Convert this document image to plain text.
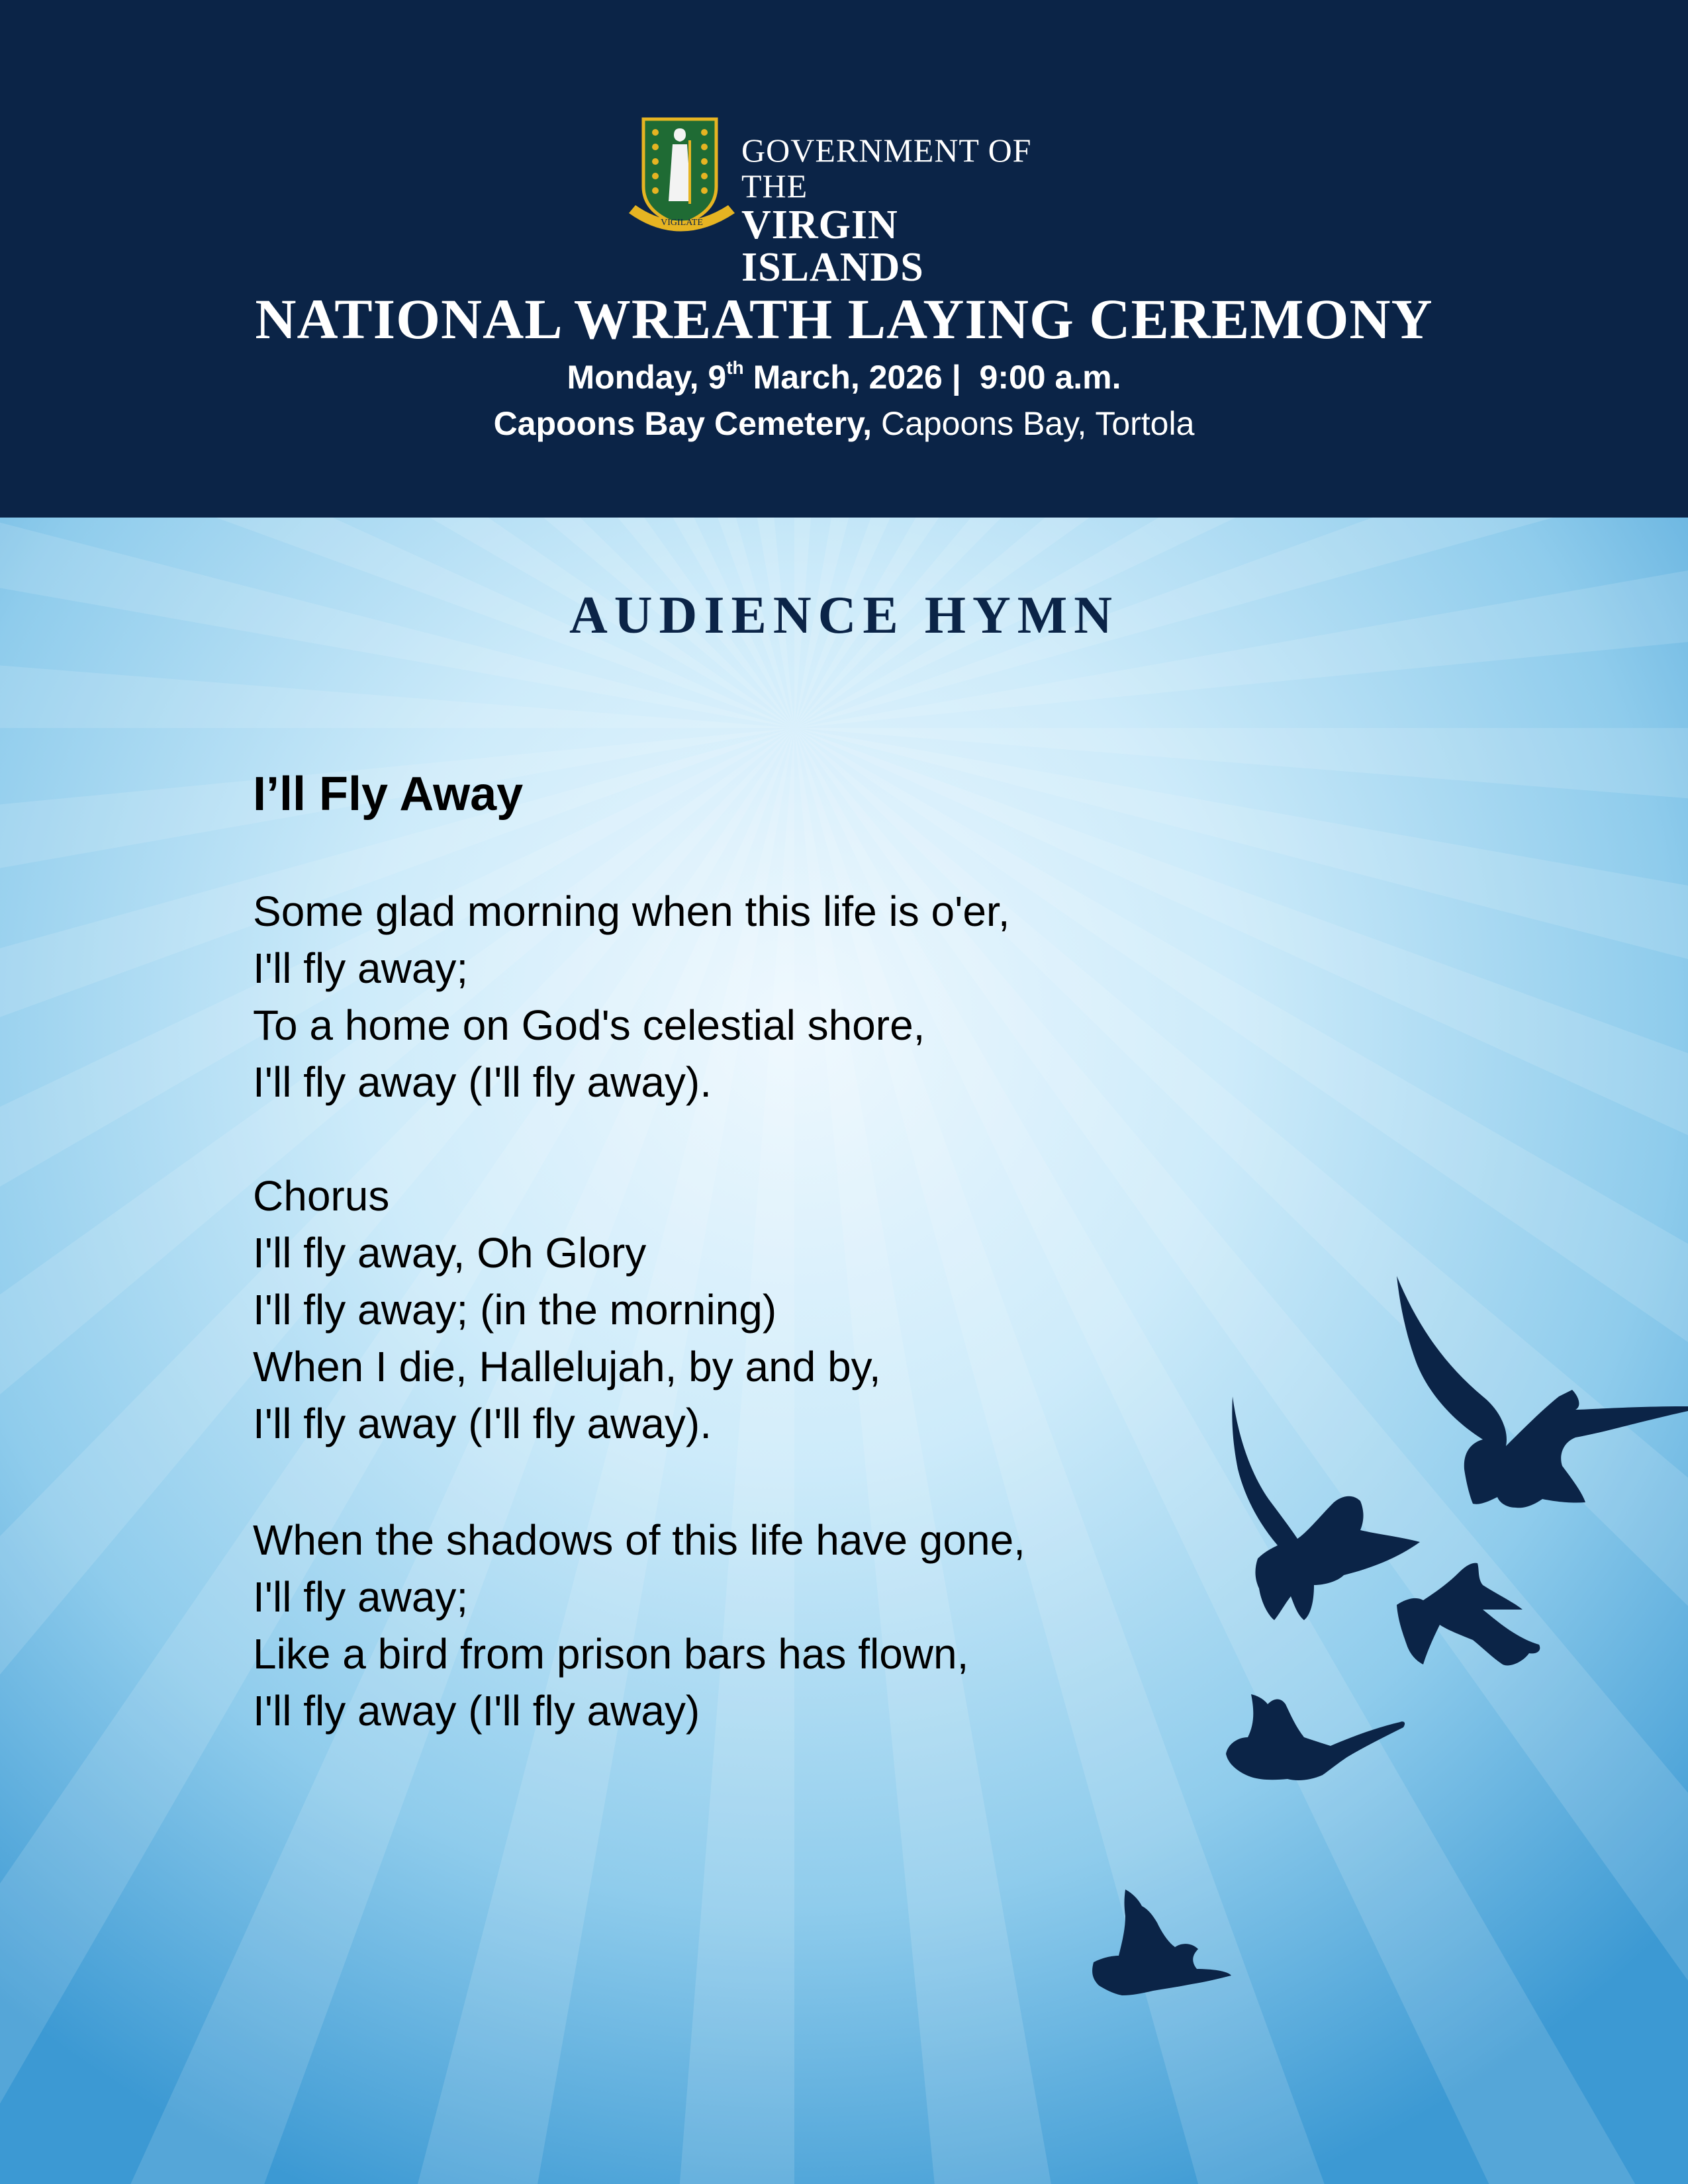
VIGILATE
GOVERNMENT OF THE
VIRGIN ISLANDS
NATIONAL WREATH LAYING CEREMONY
Monday, 9th March, 2026 |  9:00 a.m.
Capoons Bay Cemetery, Capoons Bay, Tortola
AUDIENCE HYMN
I’ll Fly Away
Some glad morning when this life is o'er,
I'll fly away;
To a home on God's celestial shore,
I'll fly away (I'll fly away).
Chorus
I'll fly away, Oh Glory
I'll fly away; (in the morning)
When I die, Hallelujah, by and by,
I'll fly away (I'll fly away).
When the shadows of this life have gone,
I'll fly away;
Like a bird from prison bars has flown,
I'll fly away (I'll fly away)
